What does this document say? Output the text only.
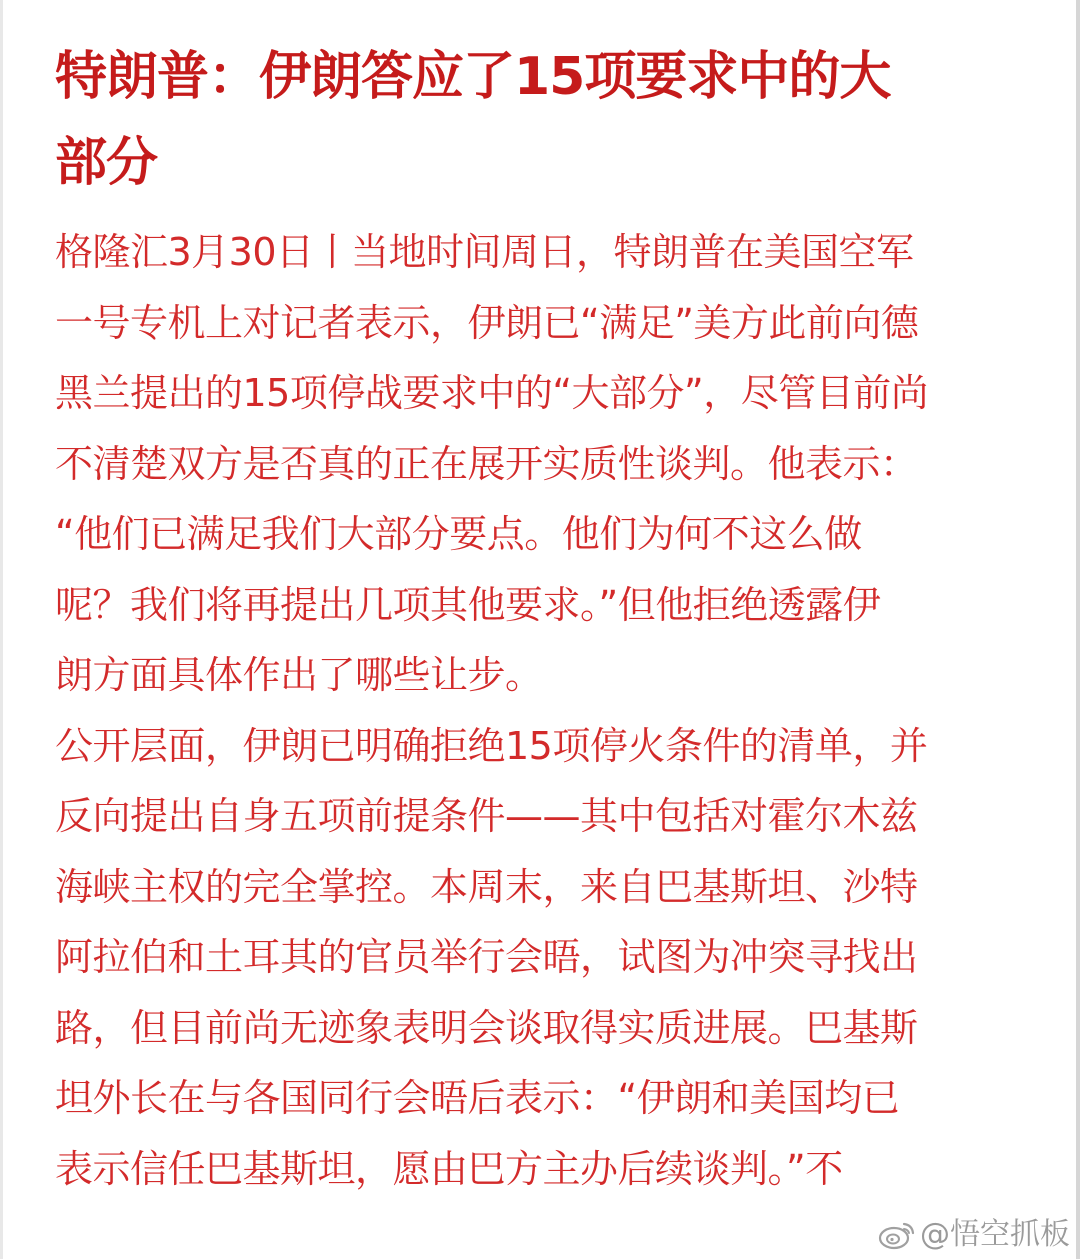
特朗普：伊朗答应了15项要求中的大
部分
格隆汇3月30日丨当地时间周日，特朗普在美国空军
一号专机上对记者表示，伊朗已“满足”美方此前向德
黑兰提出的15项停战要求中的“大部分”，尽管目前尚
不清楚双方是否真的正在展开实质性谈判。他表示：
“他们已满足我们大部分要点。他们为何不这么做
呢？我们将再提出几项其他要求。”但他拒绝透露伊
朗方面具体作出了哪些让步。
公开层面，伊朗已明确拒绝15项停火条件的清单，并
反向提出自身五项前提条件——其中包括对霍尔木兹
海峡主权的完全掌控。本周末，来自巴基斯坦、沙特
阿拉伯和土耳其的官员举行会晤，试图为冲突寻找出
路，但目前尚无迹象表明会谈取得实质进展。巴基斯
坦外长在与各国同行会晤后表示：“伊朗和美国均已
表示信任巴基斯坦，愿由巴方主办后续谈判。”不
@悟空抓板
